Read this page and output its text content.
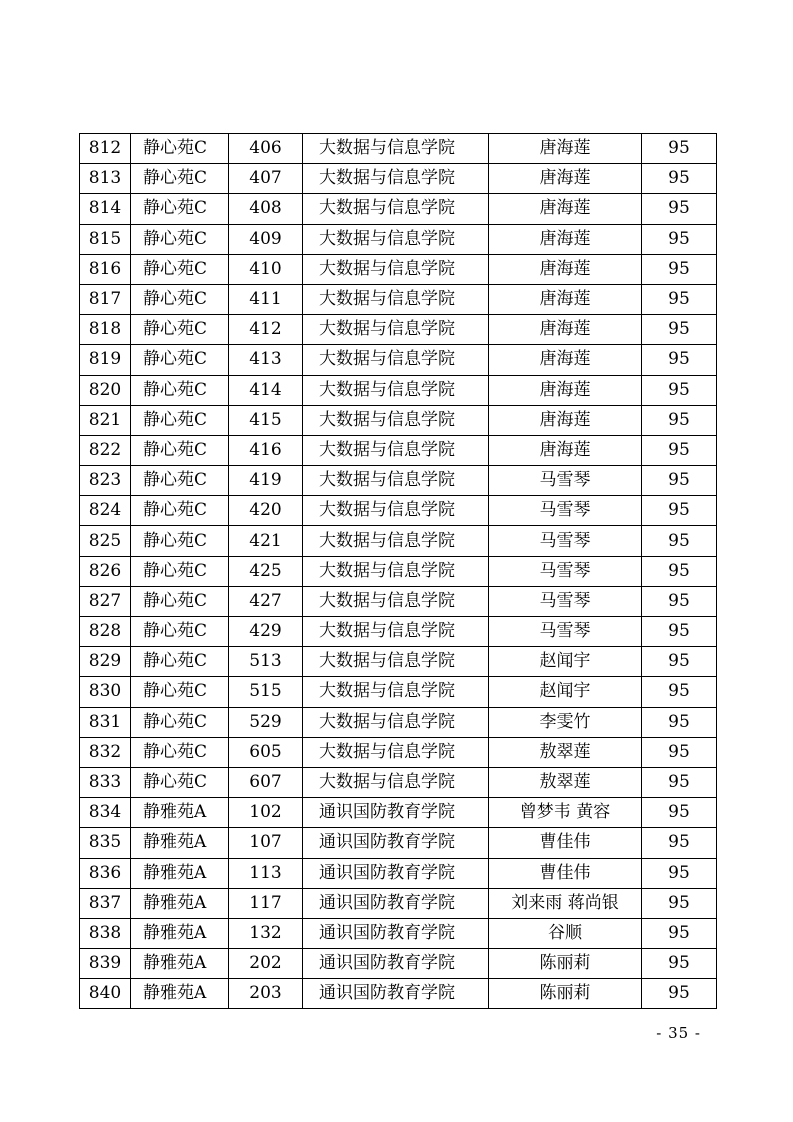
812	静心苑C	406	大数据与信息学院	唐海莲	95
813	静心苑C	407	大数据与信息学院	唐海莲	95
814	静心苑C	408	大数据与信息学院	唐海莲	95
815	静心苑C	409	大数据与信息学院	唐海莲	95
816	静心苑C	410	大数据与信息学院	唐海莲	95
817	静心苑C	411	大数据与信息学院	唐海莲	95
818	静心苑C	412	大数据与信息学院	唐海莲	95
819	静心苑C	413	大数据与信息学院	唐海莲	95
820	静心苑C	414	大数据与信息学院	唐海莲	95
821	静心苑C	415	大数据与信息学院	唐海莲	95
822	静心苑C	416	大数据与信息学院	唐海莲	95
823	静心苑C	419	大数据与信息学院	马雪琴	95
824	静心苑C	420	大数据与信息学院	马雪琴	95
825	静心苑C	421	大数据与信息学院	马雪琴	95
826	静心苑C	425	大数据与信息学院	马雪琴	95
827	静心苑C	427	大数据与信息学院	马雪琴	95
828	静心苑C	429	大数据与信息学院	马雪琴	95
829	静心苑C	513	大数据与信息学院	赵闻宇	95
830	静心苑C	515	大数据与信息学院	赵闻宇	95
831	静心苑C	529	大数据与信息学院	李雯竹	95
832	静心苑C	605	大数据与信息学院	敖翠莲	95
833	静心苑C	607	大数据与信息学院	敖翠莲	95
834	静雅苑A	102	通识国防教育学院	曾梦韦 黄容	95
835	静雅苑A	107	通识国防教育学院	曹佳伟	95
836	静雅苑A	113	通识国防教育学院	曹佳伟	95
837	静雅苑A	117	通识国防教育学院	刘来雨 蒋尚银	95
838	静雅苑A	132	通识国防教育学院	谷顺	95
839	静雅苑A	202	通识国防教育学院	陈丽莉	95
840	静雅苑A	203	通识国防教育学院	陈丽莉	95
- 35 -
